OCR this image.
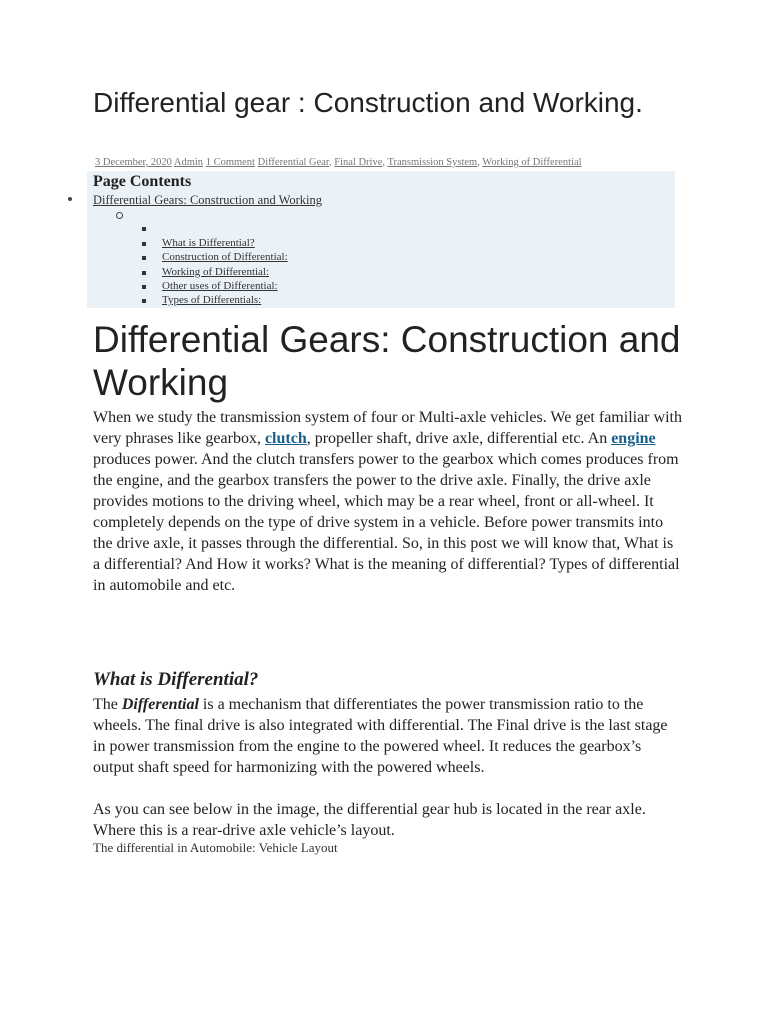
Differential gear : Construction and Working.
3 December, 2020 Admin 1 Comment Differential Gear, Final Drive, Transmission System, Working of Differential
Page Contents
Differential Gears: Construction and Working
What is Differential?
Construction of Differential:
Working of Differential:
Other uses of Differential:
Types of Differentials:
Differential Gears: Construction and Working

When we study the transmission system of four or Multi-axle vehicles. We get familiar with very phrases like gearbox, clutch, propeller shaft, drive axle, differential etc. An engine produces power. And the clutch transfers power to the gearbox which comes produces from the engine, and the gearbox transfers the power to the drive axle. Finally, the drive axle provides motions to the driving wheel, which may be a rear wheel, front or all-wheel. It completely depends on the type of drive system in a vehicle. Before power transmits into the drive axle, it passes through the differential. So, in this post we will know that, What is a differential? And How it works? What is the meaning of differential? Types of differential in automobile and etc.

What is Differential?

The Differential is a mechanism that differentiates the power transmission ratio to the wheels. The final drive is also integrated with differential. The Final drive is the last stage in power transmission from the engine to the powered wheel. It reduces the gearbox’s output shaft speed for harmonizing with the powered wheels.

As you can see below in the image, the differential gear hub is located in the rear axle. Where this is a rear-drive axle vehicle’s layout.

The differential in Automobile: Vehicle Layout
